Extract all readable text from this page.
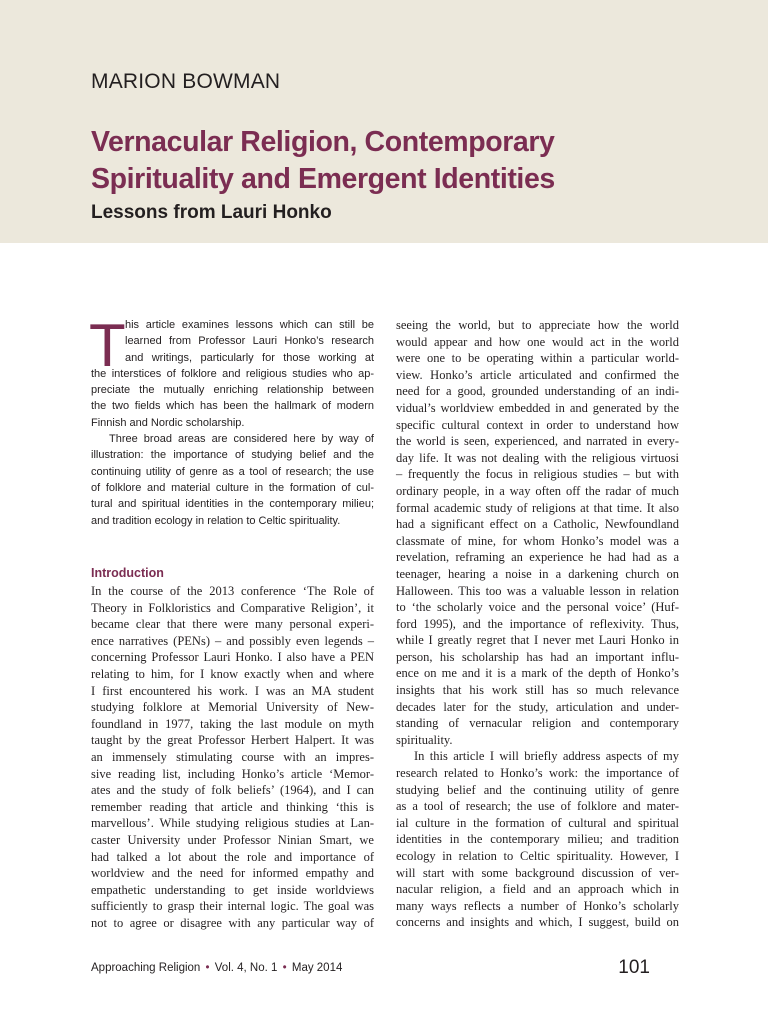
MARION BOWMAN
Vernacular Religion, Contemporary Spirituality and Emergent Identities
Lessons from Lauri Honko
T his article examines lessons which can still be
learned from Professor Lauri Honko’s research
and writings, particularly for those working at
the interstices of folklore and religious studies who ap-
preciate the mutually enriching relationship between
the two fields which has been the hallmark of modern
Finnish and Nordic scholarship.
Three broad areas are considered here by way of
illustration: the importance of studying belief and the
continuing utility of genre as a tool of research; the use
of folklore and material culture in the formation of cul-
tural and spiritual identities in the contemporary milieu;
and tradition ecology in relation to Celtic spirituality.
Introduction
In the course of the 2013 conference ‘The Role of
Theory in Folkloristics and Comparative Religion’, it
became clear that there were many personal experi-
ence narratives (PENs) – and possibly even legends –
concerning Professor Lauri Honko. I also have a PEN
relating to him, for I know exactly when and where
I first encountered his work. I was an MA student
studying folklore at Memorial University of New-
foundland in 1977, taking the last module on myth
taught by the great Professor Herbert Halpert. It was
an immensely stimulating course with an impres-
sive reading list, including Honko’s article ‘Memor-
ates and the study of folk beliefs’ (1964), and I can
remember reading that article and thinking ‘this is
marvellous’. While studying religious studies at Lan-
caster University under Professor Ninian Smart, we
had talked a lot about the role and importance of
worldview and the need for informed empathy and
empathetic understanding to get inside worldviews
sufficiently to grasp their internal logic. The goal was
not to agree or disagree with any particular way of
seeing the world, but to appreciate how the world
would appear and how one would act in the world
were one to be operating within a particular world-
view. Honko’s article articulated and confirmed the
need for a good, grounded understanding of an indi-
vidual’s worldview embedded in and generated by the
specific cultural context in order to understand how
the world is seen, experienced, and narrated in every-
day life. It was not dealing with the religious virtuosi
– frequently the focus in religious studies – but with
ordinary people, in a way often off the radar of much
formal academic study of religions at that time. It also
had a significant effect on a Catholic, Newfoundland
classmate of mine, for whom Honko’s model was a
revelation, reframing an experience he had had as a
teenager, hearing a noise in a darkening church on
Halloween. This too was a valuable lesson in relation
to ‘the scholarly voice and the personal voice’ (Huf-
ford 1995), and the importance of reflexivity. Thus,
while I greatly regret that I never met Lauri Honko in
person, his scholarship has had an important influ-
ence on me and it is a mark of the depth of Honko’s
insights that his work still has so much relevance
decades later for the study, articulation and under-
standing of vernacular religion and contemporary
spirituality.
In this article I will briefly address aspects of my
research related to Honko’s work: the importance of
studying belief and the continuing utility of genre
as a tool of research; the use of folklore and mater-
ial culture in the formation of cultural and spiritual
identities in the contemporary milieu; and tradition
ecology in relation to Celtic spirituality. However, I
will start with some background discussion of ver-
nacular religion, a field and an approach which in
many ways reflects a number of Honko’s scholarly
concerns and insights and which, I suggest, build on
Approaching Religion • Vol. 4, No. 1 • May 2014	101
